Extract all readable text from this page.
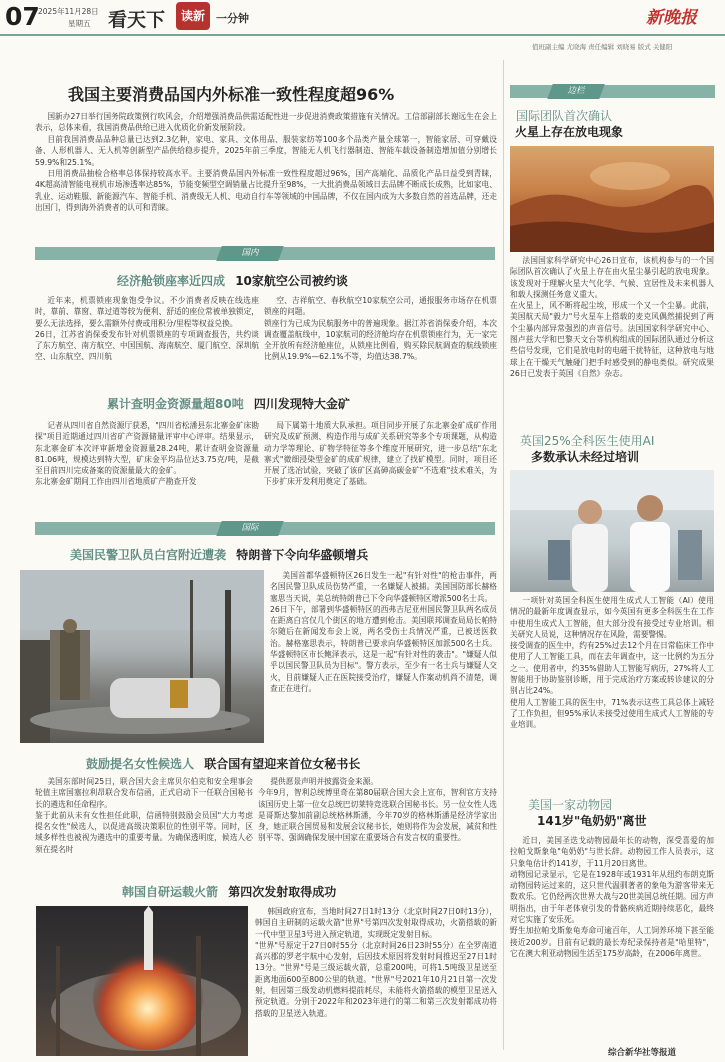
07
2025年11月28日
星期五 看天下	读新	一分钟	新晚报
值班副主编 尤晓海 责任编辑 刘晓易 版式 关健阳
我国主要消费品国内外标准一致性程度超96%

国新办27日举行国务院政策例行吹风会，介绍增强消费品供需适配性进一步促进消费政策措施有关情况。工信部副部长谢远生在会上表示，总体来看，我国消费品供给已进入优质化价新发展阶段。

目前我国消费品品种总量已达到2.3亿种，家电、家具、文体用品、服装家纺等100多个品类产量全球第一，智能家居、可穿戴设备、人形机器人、无人机等创新型产品供给稳步提升，2025年前三季度，智能无人机飞行器制造、智能车载设备制造增加值分别增长59.9%和25.1%。

日用消费品抽检合格率总体保持较高水平。主要消费品国内外标准一致性程度超过96%，国产高端化、品质化产品日益受到青睐，4K超高清智能电视机市场渗透率达85%，节能变频型空调销量占比提升至98%，一大批消费品领域日去品牌不断成长成熟，比如家电、乳业、运动鞋服、新能源汽车、智能手机、消费级无人机、电动自行车等领域的中国品牌，不仅在国内成为大多数自然的首选品牌，还走出国门，得到海外消费者的认可和青睐。

国内
经济舱锁座率近四成 10家航空公司被约谈

近年来，机票锁座现象饱受争议。不少消费者反映在线选座时，靠前、靠窗、靠过道等较为便利、舒适的座位常被单独锁定，要么无法选择，要么需额外付费或用积分/里程等权益兑换。
26日，江苏省消保委发布针对机票锁座的专项调查报告，共约谈了东方航空、南方航空、中国国航、海南航空、厦门航空、深圳航空、山东航空、四川航

空、吉祥航空、春秋航空10家航空公司，通报服务市场存在机票锁座的问题。
锁座行为已成为民航服务中的普遍现象。据江苏省消保委介绍，本次调查覆盖航线中，10家航司的经济舱均存在机票锁座行为，无一家完全开放所有经济舱座位，从锁座比例看，购买除民航调查的航线锁座比例从19.9%—62.1%不等，均值达38.7%。

累计查明金资源量超80吨 四川发现特大金矿

记者从四川省自然资源厅获悉，"四川省松潘县东北寨金矿床勘探"项目近期通过四川省矿产资源储量评审中心评审。结果显示，东北寨金矿本次评审新增金资源量28.24吨，累计查明金资源量81.06吨，规模达到特大型，矿床金平均品位达3.75克/吨，是截至目前四川完成备案的资源量最大的金矿。
东北寨金矿期间工作由四川省地质矿产勘查开发

局下属第十地质大队承担。项目同步开展了东北寨金矿成矿作用研究及成矿预测、构造作用与成矿关系研究等多个专项课题，从构造动力学等理论、矿物学特征等多个维度开展研究，进一步总结"东北寨式"微细浸染型金矿的成矿规律，建立了找矿模型。同时，项目还开展了选冶试验，突破了该矿区高砷高碳金矿"不选难"技术难关，为下步扩床开发利用奠定了基础。

国际
美国民警卫队员白宫附近遭袭 特朗普下令向华盛顿增兵

美国首都华盛顿特区26日发生一起"有针对性"的枪击事件，两名国民警卫队成员伤势严重，一名嫌疑人被捕。美国国防部长赫格塞思当天说，美总统特朗普已下令向华盛顿特区增派500名士兵。
26日下午，部署到华盛顿特区的西弗吉尼亚州国民警卫队两名成员在距离白宫仅几个街区的地方遭到枪击。美国联邦调查局局长帕特尔随后在新闻发布会上说，两名受伤士兵情况严重，已被送医救治。赫格塞思表示，特朗普已要求向华盛顿特区加派500名士兵。华盛顿特区市长鲍泽表示，这是一起"有针对性的袭击"。"嫌疑人似乎以国民警卫队员为目标"。警方表示，至少有一名士兵与嫌疑人交火，目前嫌疑人正在医院接受治疗，嫌疑人作案动机尚不清楚，调查正在进行。

鼓励提名女性候选人 联合国有望迎来首位女秘书长

美国东部时间25日，联合国大会主席贝尔伯克和安全理事会轮值主席国塞拉利昂联合发布信函，正式启动下一任联合国秘书长的遴选和任命程序。
鉴于此前从未有女性担任此职，信函特别鼓励会员国"大力考虑提名女性"候选人，以促进高级决策职位的性别平等。同时，区域多样性也被视为遴选中的重要考量。为确保透明度，候选人必须在提名时

提供愿景声明并披露资金来源。
今年9月，智利总统博里奇在第80届联合国大会上宣布，智利官方支持该国历史上第一位女总统巴切莱特竞选联合国秘书长。另一位女性人选是哥斯达黎加前副总统格林斯潘，今年70岁的格林斯潘是经济学家出身，她正联合国贸易和发展会议秘书长，她则将作为会发展，减贫和性别平等、强调确保发展中国家在重要场合有发言权的重要性。

韩国自研运载火箭 第四次发射取得成功

韩国政府宣布，当地时间27日1时13分（北京时间27日0时13分），韩国自主研制的运载火箭"世界"号第四次发射取得成功，火箭搭载的新一代中型卫星3号进入预定轨道，实现既定发射目标。
"世界"号原定于27日0时55分（北京时间26日23时55分）在全罗南道高兴郡的罗老宇航中心发射，后因技术原因将发射时间推迟至27日1时13分。"世界"号是三级运载火箭，总重200吨，可将1.5吨级卫星送至距离地面600至800公里的轨道。"世界"号2021年10月21日第一次发射，但因第三级发动机燃料提前耗尽，未能将火箭搭载的模型卫星送入预定轨道。分别于2022年和2023年进行的第二和第三次发射都成功将搭载的卫星送入轨道。

边栏
国际团队首次确认
火星上存在放电现象

法国国家科学研究中心26日宣布，该机构参与的一个国际团队首次确认了火星上存在由火星尘暴引起的放电现象。该发现对于理解火星大气化学、气候、宜居性及未来机器人和载人探测任务意义重大。
在火星上，风不断将起尘埃，形成一个又一个尘暴。此前，美国航天局"毅力"号火星车上搭载的麦克风偶然捕捉到了两个尘暴内部异常强烈的声音信号。法国国家科学研究中心、图卢兹大学和巴黎天文台等机构组成的国际团队通过分析这些信号发现，它们是放电时的电磁干扰特征，这种放电与地球上在干燥天气触碰门把手时感受到的静电类似。研究成果26日已发表于英国《自然》杂志。

英国25%全科医生使用AI
多数承认未经过培训

一项针对英国全科医生使用生成式人工智能（AI）使用情况的最新年度调查显示，如今英国有更多全科医生在工作中使用生成式人工智能，但大部分没有接受过专业培训。相关研究人员说，这种情况存在风险，需要警惕。
接受调查的医生中，约有25%过去12个月在日常临床工作中使用了人工智能工具，而在去年调查中，这一比例约为五分之一。使用者中，约35%借助人工智能写病历，27%将人工智能用于协助鉴别诊断，用于完成治疗方案或转诊建议的分别占比24%。
使用人工智能工具的医生中，71%表示这些工具总体上减轻了工作负担，但95%承认未接受过使用生成式人工智能的专业培训。

美国一家动物园
141岁"龟奶奶"离世

近日，美国圣迭戈动物园最年长的动物，深受喜爱的加拉帕戈斯象龟"龟奶奶"与世长辞。动物园工作人员表示，这只象龟估计约141岁，于11月20日离世。
动物园记录显示，它是在1928年或1931年从纽约布朗克斯动物园转运过来的，这只世代温驯著者的象龟为游客带来无数欢乐。它仍经两次世界大战与20世美国总统任期。园方声明指出，由于年老体衰引发的骨骼疾病近期持续恶化，最终对它实施了安乐死。
野生加拉帕戈斯象龟寿命可逾百年，人工饲养环境下甚至能接近200岁。目前有记载的最长寿纪录保持者是"哈里特"，它在澳大利亚动物园生活至175岁高龄，在2006年离世。

综合新华社等报道
